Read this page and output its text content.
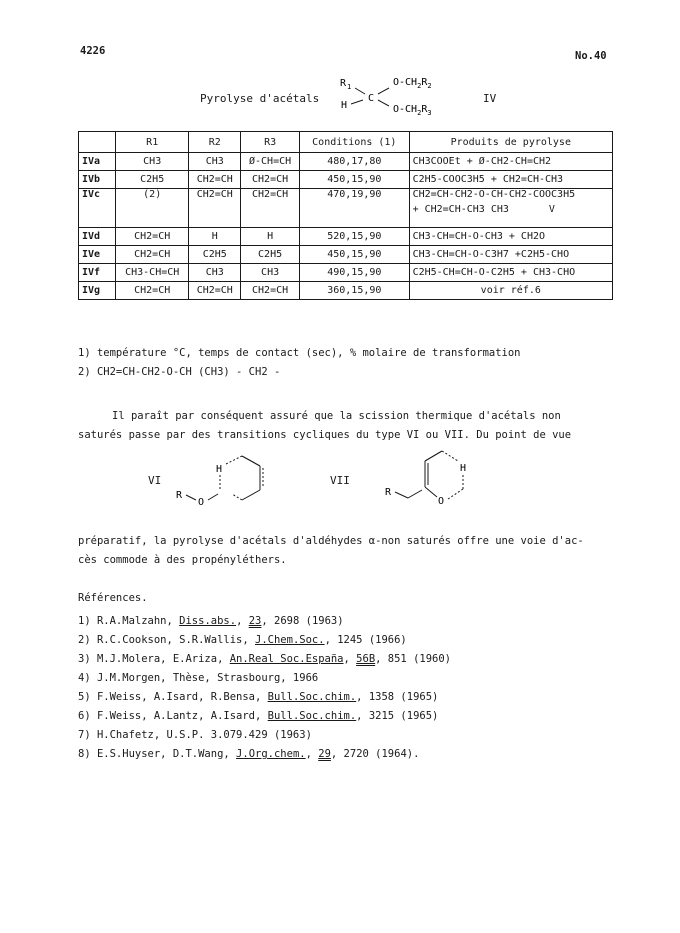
4226	No.40
Pyrolyse d'acétals
R 1
H
C
$O-CH_2R_2$
$O-CH_2R_3$
IV
	R1	R2	R3	Conditions (1)	Produits de pyrolyse
IVa	CH3	CH3	Ø-CH=CH	480,17,80	CH3COOEt + Ø-CH2-CH=CH2
IVb	C2H5	CH2=CH	CH2=CH	450,15,90	C2H5-COOC3H5 + CH2=CH-CH3
IVc	(2)	CH2=CH	CH2=CH	470,19,90	CH2=CH-CH2-O-CH-CH2-COOC3H5
+ CH2=CH-CH3 CH3 V

IVd	CH2=CH	H	H	520,15,90	CH3-CH=CH-O-CH3 + CH2O
IVe	CH2=CH	C2H5	C2H5	450,15,90	CH3-CH=CH-O-C3H7 +C2H5-CHO
IVf	CH3-CH=CH	CH3	CH3	490,15,90	C2H5-CH=CH-O-C2H5 + CH3-CHO
IVg	CH2=CH	CH2=CH	CH2=CH	360,15,90	voir réf.6
1) température °C, temps de contact (sec), % molaire de transformation
2) CH2=CH-CH2-O-CH (CH3) - CH2 -
Il paraît par conséquent assuré que la scission thermique d'acétals non
saturés passe par des transitions cycliques du type VI ou VII. Du point de vue
VI
H
R
O
VII
H
O
R
préparatif, la pyrolyse d'acétals d'aldéhydes α-non saturés offre une voie d'ac-
cès commode à des propényléthers.
Références.
1) R.A.Malzahn, Diss.abs., 23, 2698 (1963)
2) R.C.Cookson, S.R.Wallis, J.Chem.Soc., 1245 (1966)
3) M.J.Molera, E.Ariza, An.Real Soc.España, 56B, 851 (1960)
4) J.M.Morgen, Thèse, Strasbourg, 1966
5) F.Weiss, A.Isard, R.Bensa, Bull.Soc.chim., 1358 (1965)
6) F.Weiss, A.Lantz, A.Isard, Bull.Soc.chim., 3215 (1965)
7) H.Chafetz, U.S.P. 3.079.429 (1963)
8) E.S.Huyser, D.T.Wang, J.Org.chem., 29, 2720 (1964).
